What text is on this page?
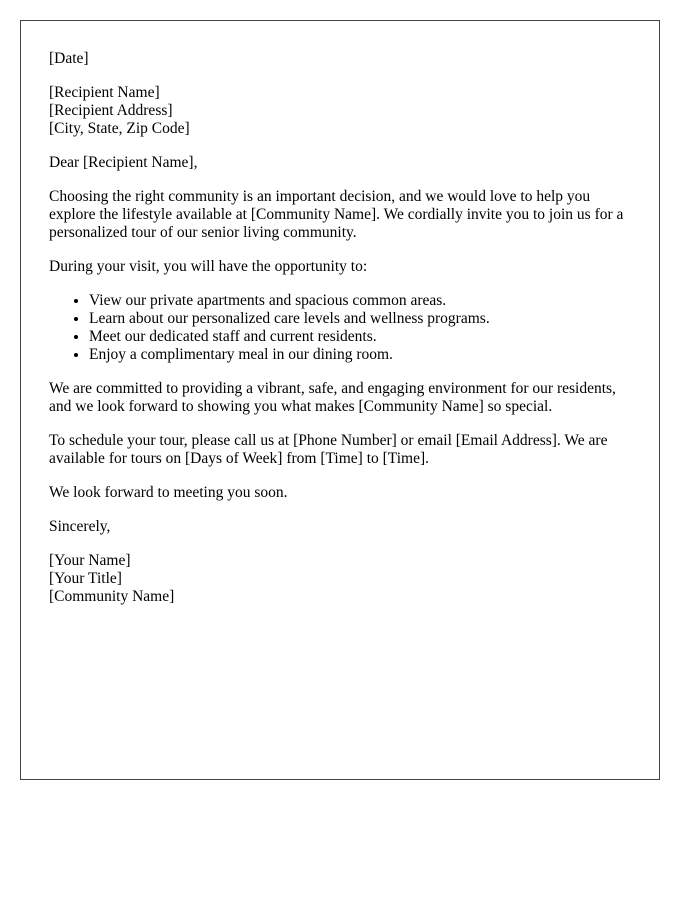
[Date]

[Recipient Name]
[Recipient Address]
[City, State, Zip Code]

Dear [Recipient Name],

Choosing the right community is an important decision, and we would love to help you explore the lifestyle available at [Community Name]. We cordially invite you to join us for a personalized tour of our senior living community.

During your visit, you will have the opportunity to:

• View our private apartments and spacious common areas.
• Learn about our personalized care levels and wellness programs.
• Meet our dedicated staff and current residents.
• Enjoy a complimentary meal in our dining room.

We are committed to providing a vibrant, safe, and engaging environment for our residents, and we look forward to showing you what makes [Community Name] so special.

To schedule your tour, please call us at [Phone Number] or email [Email Address]. We are available for tours on [Days of Week] from [Time] to [Time].

We look forward to meeting you soon.

Sincerely,

[Your Name]
[Your Title]
[Community Name]
